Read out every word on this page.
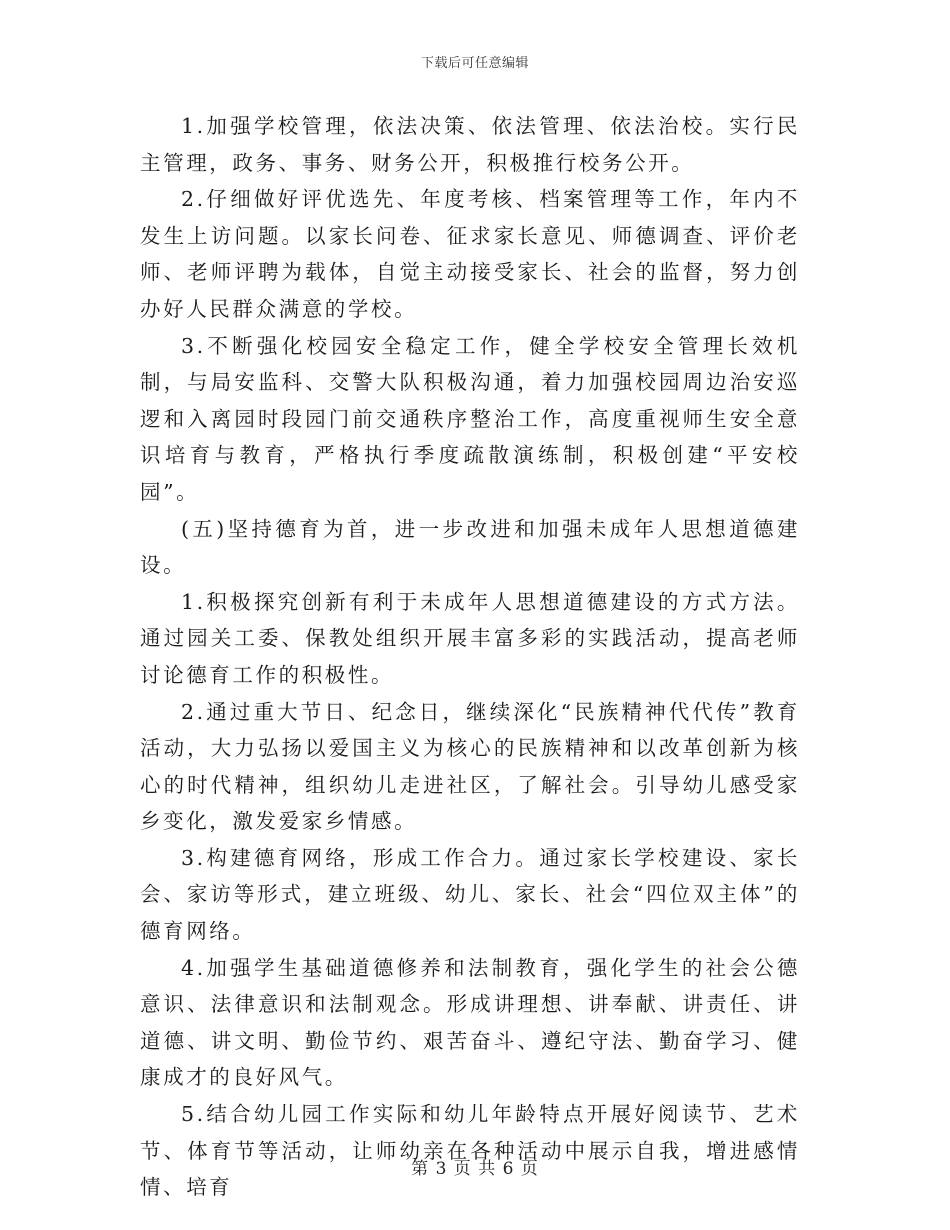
下载后可任意编辑

1.加强学校管理，依法决策、依法管理、依法治校。实行民主管理，政务、事务、财务公开，积极推行校务公开。

2.仔细做好评优选先、年度考核、档案管理等工作，年内不发生上访问题。以家长问卷、征求家长意见、师德调查、评价老师、老师评聘为载体，自觉主动接受家长、社会的监督，努力创办好人民群众满意的学校。

3.不断强化校园安全稳定工作，健全学校安全管理长效机制，与局安监科、交警大队积极沟通，着力加强校园周边治安巡逻和入离园时段园门前交通秩序整治工作，高度重视师生安全意识培育与教育，严格执行季度疏散演练制，积极创建“平安校园”。

(五)坚持德育为首，进一步改进和加强未成年人思想道德建设。

1.积极探究创新有利于未成年人思想道德建设的方式方法。通过园关工委、保教处组织开展丰富多彩的实践活动，提高老师讨论德育工作的积极性。

2.通过重大节日、纪念日，继续深化“民族精神代代传”教育活动，大力弘扬以爱国主义为核心的民族精神和以改革创新为核心的时代精神，组织幼儿走进社区，了解社会。引导幼儿感受家乡变化，激发爱家乡情感。

3.构建德育网络，形成工作合力。通过家长学校建设、家长会、家访等形式，建立班级、幼儿、家长、社会“四位双主体”的德育网络。

4.加强学生基础道德修养和法制教育，强化学生的社会公德意识、法律意识和法制观念。形成讲理想、讲奉献、讲责任、讲道德、讲文明、勤俭节约、艰苦奋斗、遵纪守法、勤奋学习、健康成才的良好风气。

5.结合幼儿园工作实际和幼儿年龄特点开展好阅读节、艺术节、体育节等活动，让师幼亲在各种活动中展示自我，增进感情情、培育

第 3 页 共 6 页
